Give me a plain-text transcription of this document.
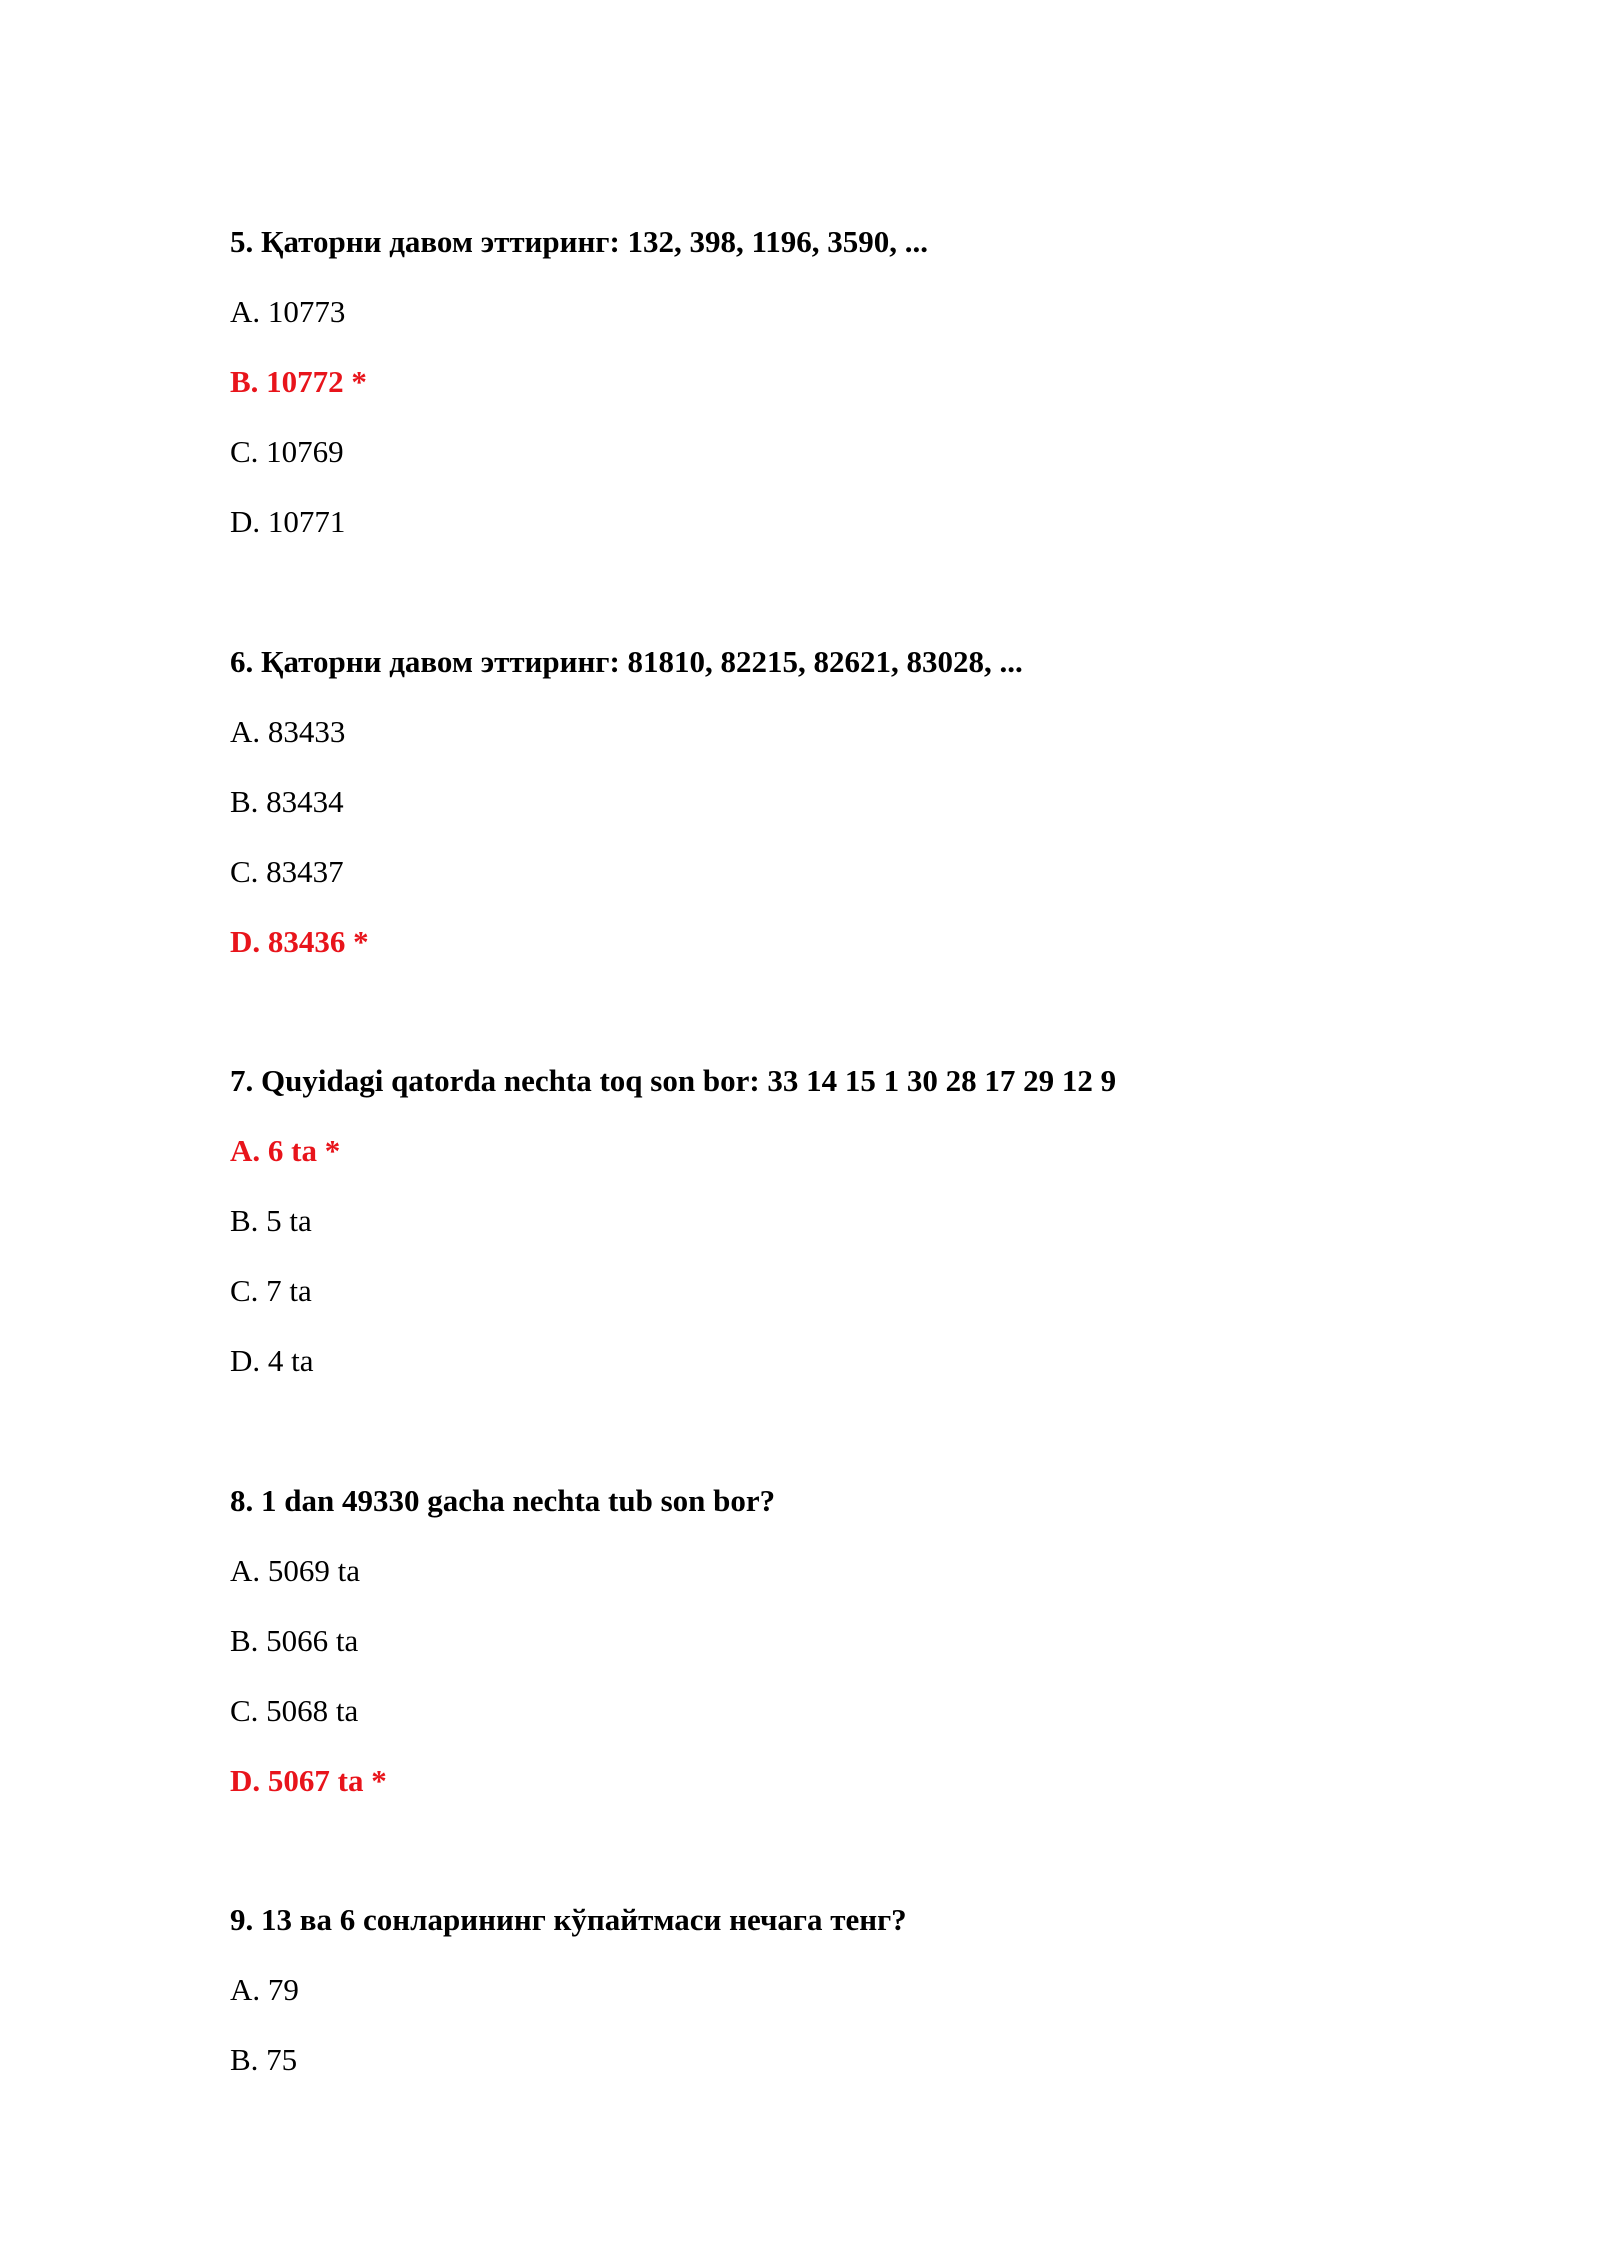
5. Қаторни давом эттиринг: 132, 398, 1196, 3590, ...
A. 10773
B. 10772 *
C. 10769
D. 10771
6. Қаторни давом эттиринг: 81810, 82215, 82621, 83028, ...
A. 83433
B. 83434
C. 83437
D. 83436 *
7. Quyidagi qatorda nechta toq son bor: 33 14 15 1 30 28 17 29 12 9
A. 6 ta *
B. 5 ta
C. 7 ta
D. 4 ta
8. 1 dan 49330 gacha nechta tub son bor?
A. 5069 ta
B. 5066 ta
C. 5068 ta
D. 5067 ta *
9. 13 ва 6 сонларининг кўпайтмаси нечага тенг?
A. 79
B. 75
